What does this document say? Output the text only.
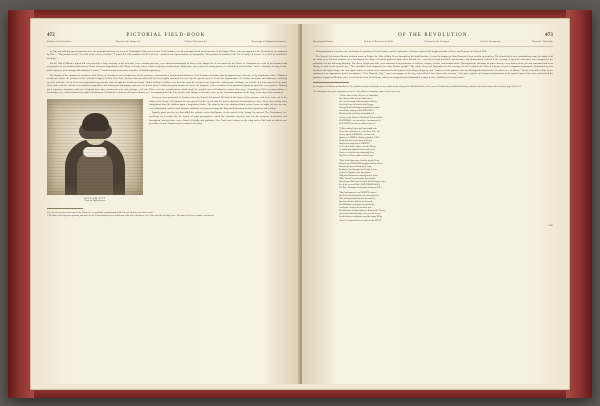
472	PICTORIAL FIELD-BOOK
Petition of Lord Camden.	Repeal of the Stamp Act.	Charles Pratt offered it.	Rejoicings in England and America.

of Pitt, and with that great statesman were the principal advocates of a repeal. Christopher Pratt, now become Lord Camden, was the principal friend of the measure in the Upper House, but was opposed to the Declaratory Act proposed by Pitt. — “My position is this,” he said, in the course of debate; “I repeat it; I will maintain it to the last hour—taxation and representation are inseparable. This position is founded in the law of nature. It is more; it is itself an eternal law of nature.”

On the 18th of March a repeal bill was passed by a large majority of the men who, a few months previous, were almost unanimously in favor of the Stamp Act. It was carried in the House of Commons by a vote of two hundred and seventy-five to one hundred and sixteen. It met strenuous opposition in the House of Lords, where it had a majority of thirty-four. Thirty-three peers entered a strong protest, in which they declared that “such a relaxation of king, Lords, and Commons, in so strange and unkind-of a nature,” would amount to an entire surrender of British supremacy.

The change in the opinions of members of the House of Commons was wrought more by the petitions, remonstrances, and personal influence of the London merchants, than by appeals from America, or by disturbances there. Ministers would not resolve the petitions of the colonial Congress held at New York, because that assembly had not been legally summoned to meet by the superior power. It was the importunities of London merchants and tradesmen, suffering severely from the effects of the non-importation agreements, that wrought the wondrous change. Half a million of dollars were then due from the colonies; and, under the existing state of things, not a dollar of it was expected to be paid. Their trade with the colonies was suddenly suspended, and nothing but bankruptcy and ruin was before them. London being the business heart of the kingdom, with a cessation of its pulsations paralysis spread to every portion. Nothing but a vigorous extraction could save England from utter commercial ruin, and, perhaps, civil war. These were the considerations which made the sensible men in Parliament earnest their steps. According to Pitt’s recommendation, a Declaratory Act, which affirmed the right of Parliament “to bind the colonies in all cases whatsoever,” accompanied the bill. The repeal of the Stamp Act became a law, by the reluctant signature of the king, on the day of its enactment.

WILLIAM PITT.
From an English print.

Great joy was manifested in London when the Repeal Act passed. Pitt had all the honor of the measure, and as he came out to the lobby of the House of Commons he was greeted by the crowd with the most enthusiast demonstrations of joy. They cheered him, they clung about him like children upon a long-absent father. The ships in the river displayed their colors; houses at night, all over the city, were illuminated; and the most fulsome adulation was bestowed upon the king and Parliament for their goodness and wisdom.

Equally great was the joy that filled the colonies when intelligence of the repeal of the Stamp Act arrived. The Declaratory Act, involving, as it really did, the kernel of royal prerogatives which the colonists rejected, was, for the moment, overlooked, and throughout America there was a burst of loyalty and gratitude. New York voted statues to the king and to Pitt, both of which were presently erected. Virginia voted a statue to the king.

1 See his own account on the repeal of the Stamp Act “were publicly communicated by Mr. Pitt, and filled the town with wonder.”
2 The statue of the king was equestrian, and made of lead. It stood within the present inclosure at the foot of Broadway, New York, called the Bowling Green. The status of Pitt was of marble, and stood at
OF THE REVOLUTION.	473
Rejoicing in Boston.	Release of Prisoners for Debt.	Carnival on the Common.	Fowle’s Inscriptions.	Hancock’s Liberality.

Maryland passed a similar vote, and ordered a portrait of Lord Camden; and the authorities of Boston ordered full-length portraits of Barré and Conway for Faneuil Hall.

The Repeal Act reached Boston at about noon on Friday, the 16th of May. It was brought by the brig Harrison, a vessel belonging to John Hancock. Great was the general joy. The church-bells were immediately rung; the cabin of all the ships were hoisted; cannons were discharged; the flags of Liberty gathered under their favorite tree, and cheered and hurrahed; and bonfires and illuminations enlivened the evening. A general celebration was arranged by the authorities for the following Monday. The doors, bright and wide, were unbarred in by injunction of cadence, ringing of bells, and martial music. Throughout the liberality of some citizens, every debtor in the jail was ransomed and set at liberty, to unite in the general joy. “This charitable deed originated in a fine Boston nymph.” The whole town was illuminated in the evening. On the Common the Sons of Liberty erected a magnificent pyramid, illuminated by two hundred and eighty lamps, the four upper stories of which were ornamented with figures of the king and queen, and “fourteen of the patriots who had distinguished themselves for their love of liberty.” On the four sides of the lower apartment were appropriate poetic inscriptions. “John Hancock, Esq.,” says a newspaper of the day, from which I have drawn this account, “who gave a grand and elegant entertainment to the genteel part of the town, and treated the populace to pipes of Madeira wine, erected at the front of his house, which was magnificently illuminated, a stage for the exhibition of his fire-works.”

the inscriptions of William and Paul Revere. The combined remains of this statue are now within an iron railing of the Fifth Ward Hotel, on the corner of Franklin Street and West Broadway. A sketch of the broken statue will be found on page 500, Vol. II.
The following are the poetic inscriptions referred to. They allude to unfortunate figures on the lower story:
“O Race whose trust in Heaven, we stand alone,
Our Liberty’s thus lovely Goddess here!
Here are not wrong’d that men have held thee,
Lost in the Lap, and rested on the Tongue;
Through Death and Dangers urged Pride pointed
Art but that, waiting, in that ROUTINE’s—
But that within our Hearts’ and public cell
And mov’d the Fathers of Earth and Terrors of Hell!
SUSPENDED—we can not give Arm must not fit,
In SLAVERY, the fate we mourn to save it.”
“While rushing Chains and Curses shall unite,
These vast, tremendous fi—o th’ Race, O It—oh,
To you, appeal O BRITON!—we can read,
Oppressor CAMDEN, Britain’s guardian, FATE!
Boards late lower, and ember’d lid as he
Deprived of being thus of LIBERTY!
Let Freed of Belief, Sharer of Lord’s Means,
As disaffection stains these peaceful scenes;
O once we shield in firm impending Woes,
That Thou of Praise shall see that Crown.”
“Heav’n bid Oppression, bend the strained Arise,
Whom honest FREEDOM struggles with her Chain;
But join the Sons of Virtue lately Land,
Emblem in true through some Temple to save;
Around as Thunder, serve their papers,
With proud Deliverance nothing in their crime;
While Tyrant Fear dealt guilty Tarts tremble,
Shields from Bold Arms, and give their Treasures reap—
See, in the covered Wine, OPPRESSION bid tell,
The Hate, Exchanges and perfume Lamps of Hell.”
“Our Faith approved, our LIBERTY restored,
Our Hearts bend grateful to our sovereign Lord;
Hail, darling monarch! by this act endear’d,
Our firm affection shall we not forward,
Should Britain’s self against herself divide,
And hostile Armies flow on either side—
Should Hosts rebellious shake our Brunswick’s Throne,
And as they dared thy throne, they tear the Crown;
By this dread we unsheathe sword the happy WHig,
And we’ll contend who loves and fears the KING!”
1706.
